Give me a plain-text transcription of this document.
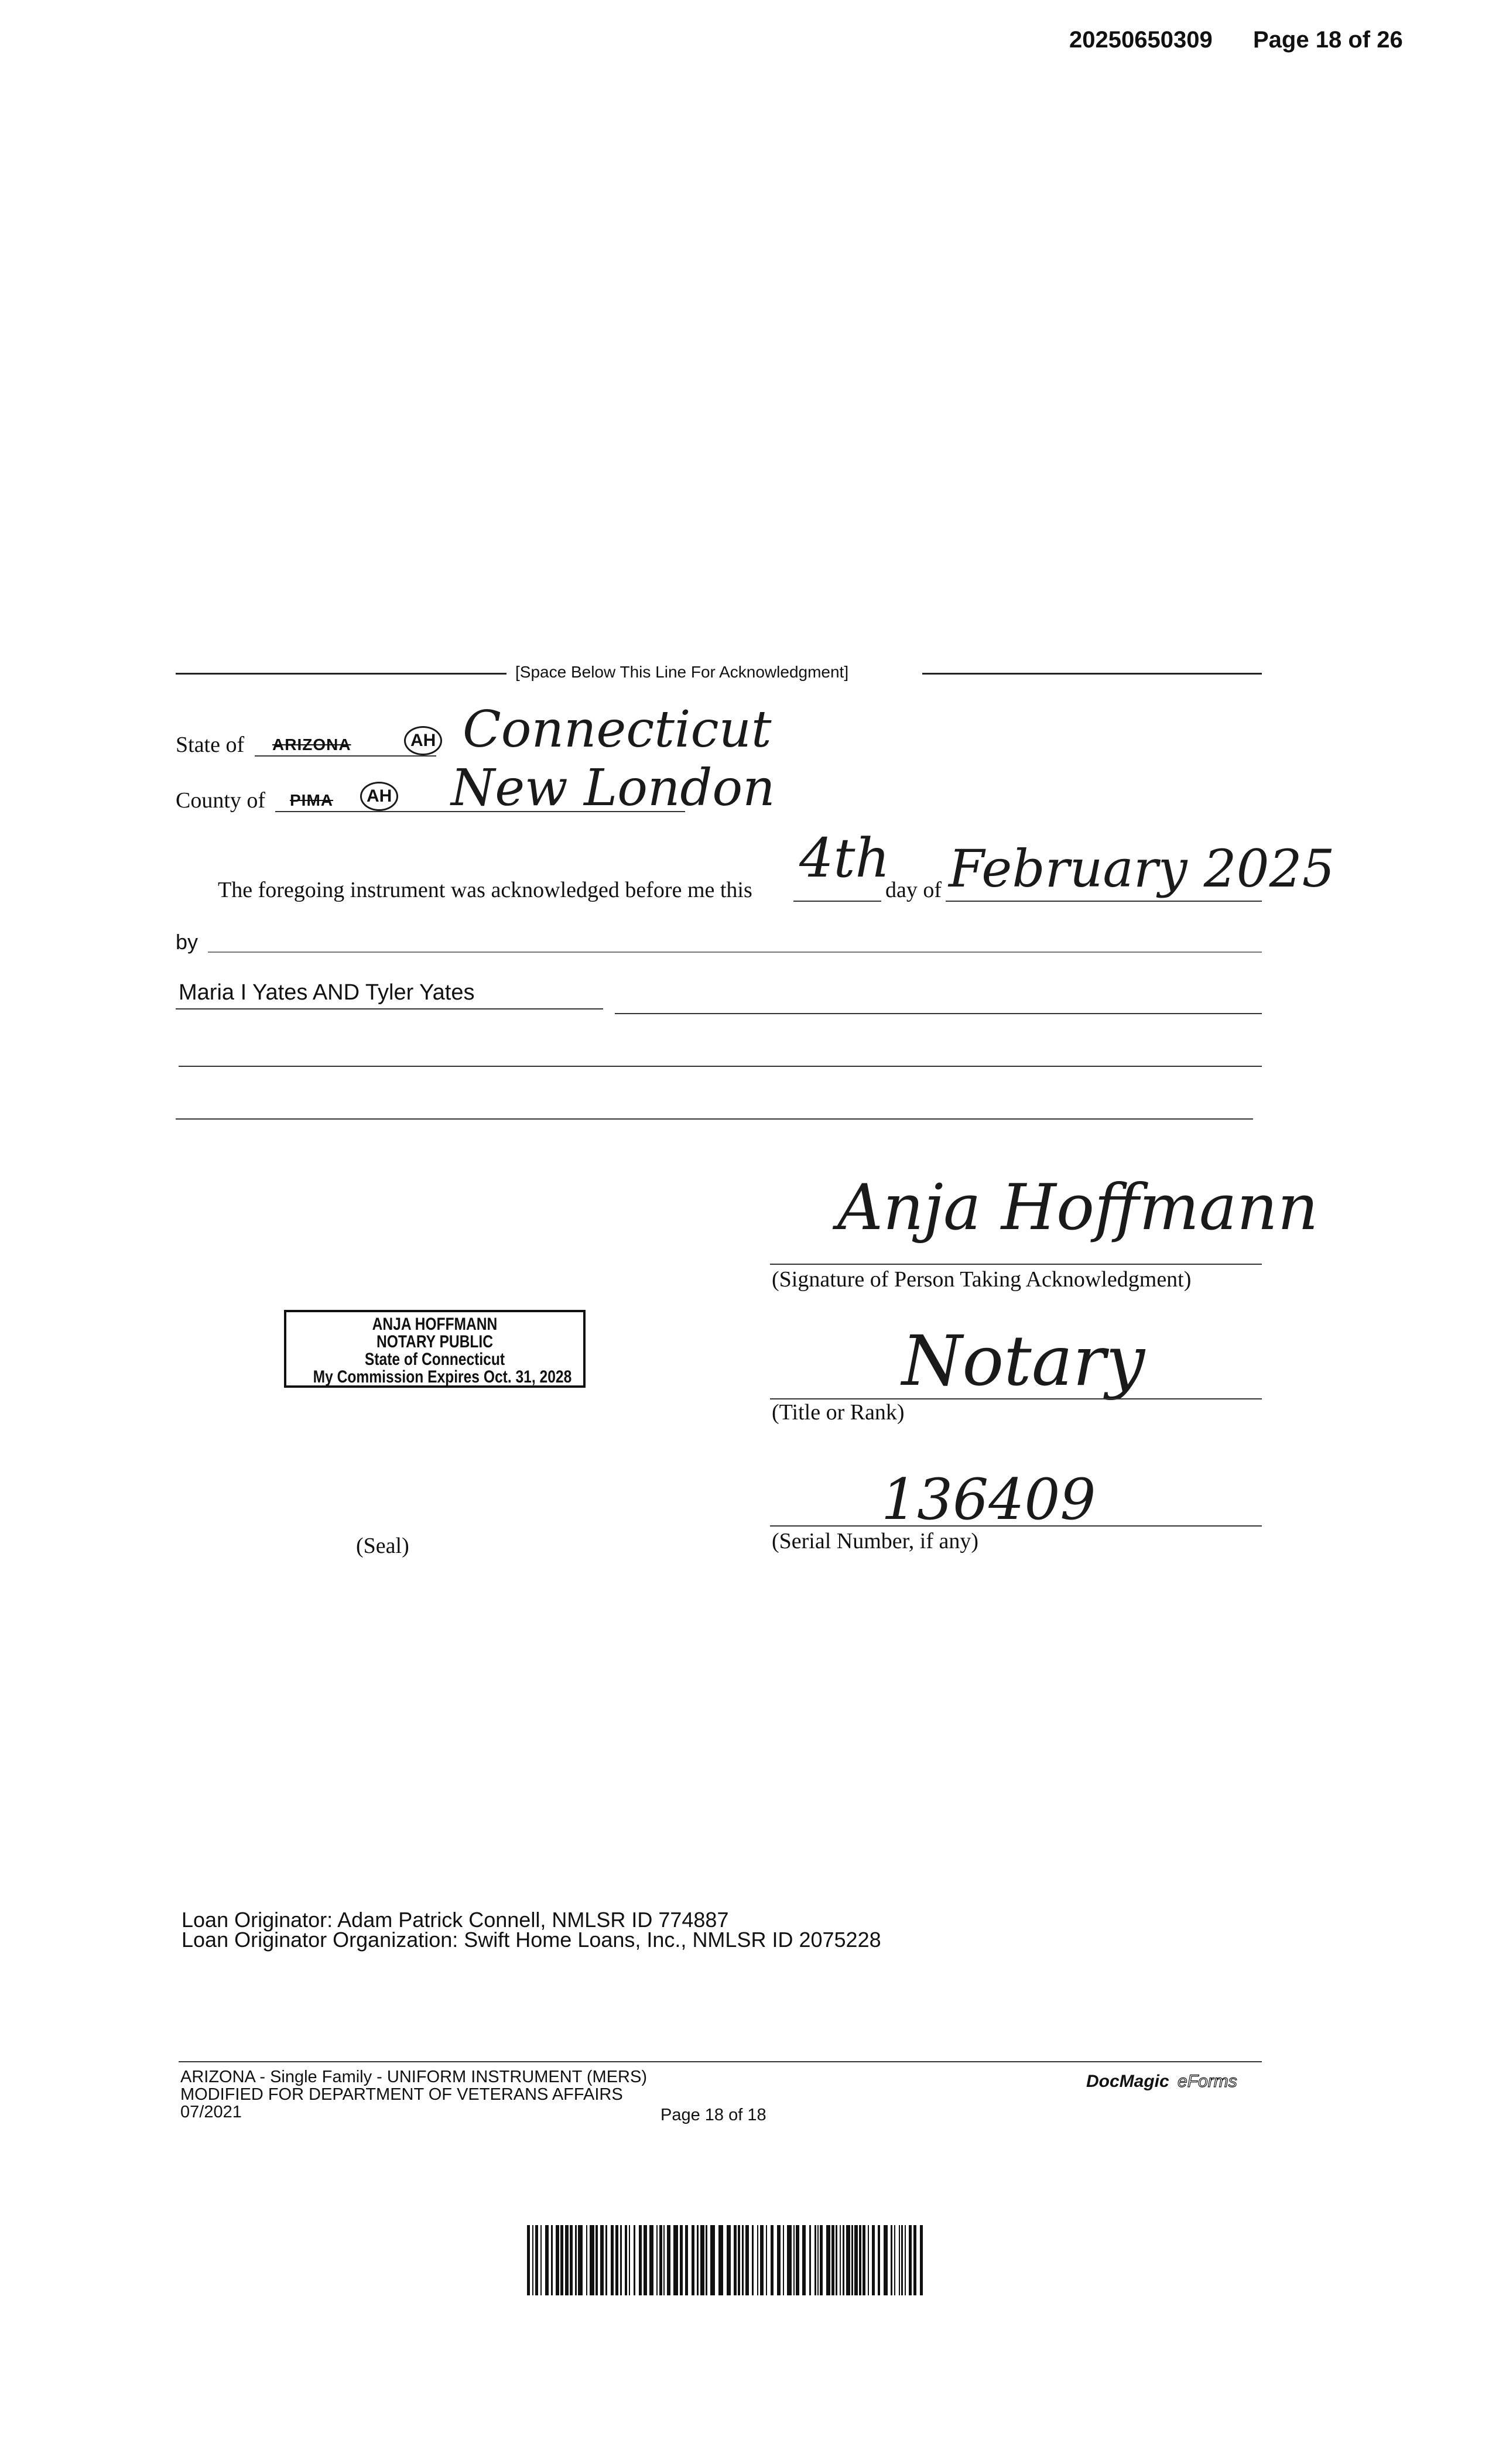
20250650309 Page 18 of 26
[Space Below This Line For Acknowledgment]
State of ARIZONA	AH Connecticut
County of PIMA	AH New London
The foregoing instrument was acknowledged before me this
4th
day of February 2025
by
Maria I Yates AND Tyler Yates
Anja Hoffmann
(Signature of Person Taking Acknowledgment)
Notary
(Title or Rank)
136409
(Serial Number, if any)
(Seal)
ANJA HOFFMANN
NOTARY PUBLIC
State of Connecticut
My Commission Expires Oct. 31, 2028
Loan Originator: Adam Patrick Connell, NMLSR ID 774887
Loan Originator Organization: Swift Home Loans, Inc., NMLSR ID 2075228
ARIZONA - Single Family - UNIFORM INSTRUMENT (MERS)
MODIFIED FOR DEPARTMENT OF VETERANS AFFAIRS
07/2021	Page 18 of 18
DocMagic eForms
